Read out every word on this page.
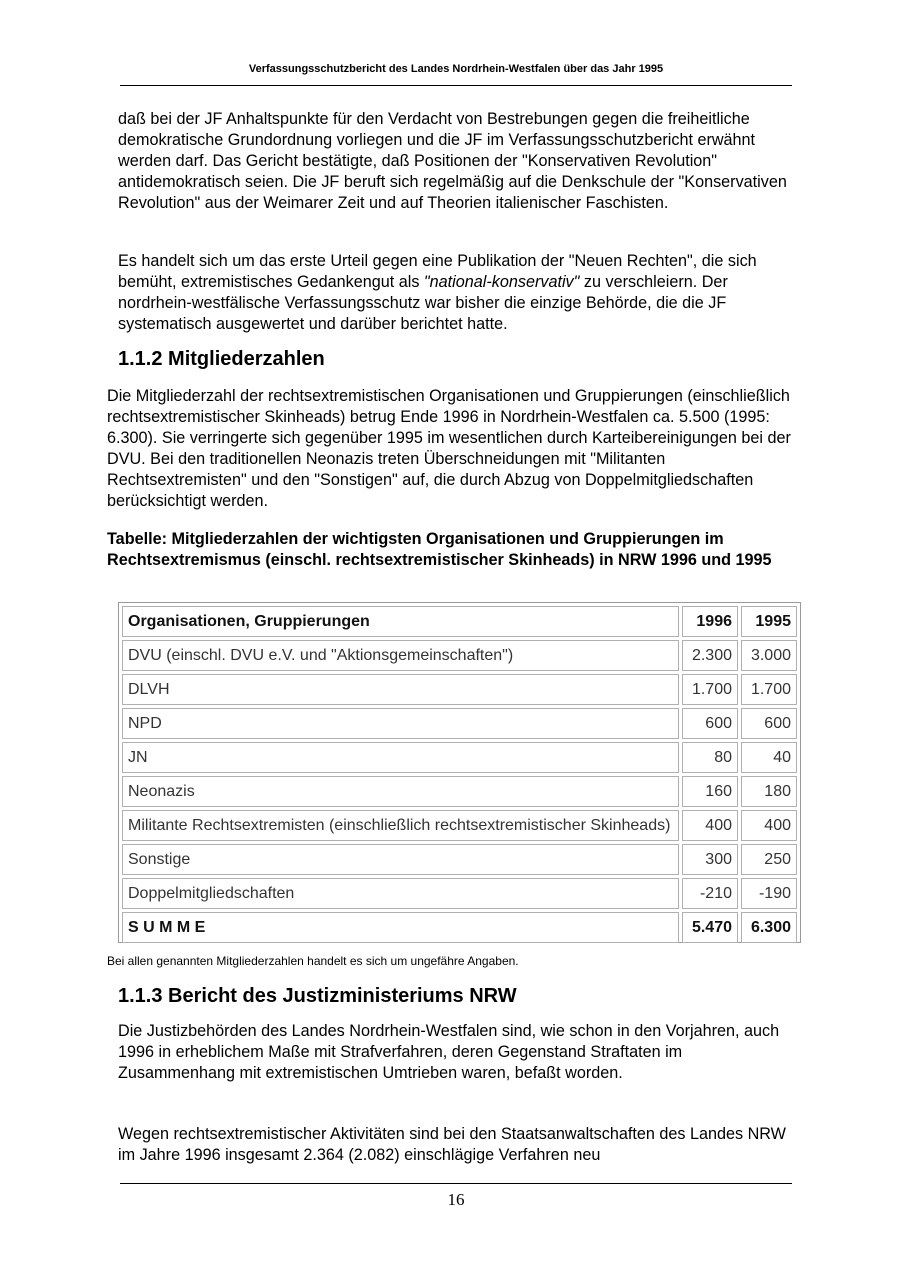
Verfassungsschutzbericht des Landes Nordrhein-Westfalen über das Jahr 1995

daß bei der JF Anhaltspunkte für den Verdacht von Bestrebungen gegen die freiheitliche demokratische Grundordnung vorliegen und die JF im Verfassungsschutzbericht erwähnt werden darf. Das Gericht bestätigte, daß Positionen der "Konservativen Revolution" antidemokratisch seien. Die JF beruft sich regelmäßig auf die Denkschule der "Konservativen Revolution" aus der Weimarer Zeit und auf Theorien italienischer Faschisten.

Es handelt sich um das erste Urteil gegen eine Publikation der "Neuen Rechten", die sich bemüht, extremistisches Gedankengut als "national-konservativ" zu verschleiern. Der nordrhein-westfälische Verfassungsschutz war bisher die einzige Behörde, die die JF systematisch ausgewertet und darüber berichtet hatte.

1.1.2 Mitgliederzahlen

Die Mitgliederzahl der rechtsextremistischen Organisationen und Gruppierungen (einschließlich rechtsextremistischer Skinheads) betrug Ende 1996 in Nordrhein-Westfalen ca. 5.500 (1995: 6.300). Sie verringerte sich gegenüber 1995 im wesentlichen durch Karteibereinigungen bei der DVU. Bei den traditionellen Neonazis treten Überschneidungen mit "Militanten Rechtsextremisten" und den "Sonstigen" auf, die durch Abzug von Doppelmitgliedschaften berücksichtigt werden.

Tabelle: Mitgliederzahlen der wichtigsten Organisationen und Gruppierungen im Rechtsextremismus (einschl. rechtsextremistischer Skinheads) in NRW 1996 und 1995

Organisationen, Gruppierungen	1996	1995
DVU (einschl. DVU e.V. und "Aktionsgemeinschaften")	2.300	3.000
DLVH	1.700	1.700
NPD	600	600
JN	80	40
Neonazis	160	180
Militante Rechtsextremisten (einschließlich rechtsextremistischer Skinheads)	400	400
Sonstige	300	250
Doppelmitgliedschaften	-210	-190
S U M M E	5.470	6.300

Bei allen genannten Mitgliederzahlen handelt es sich um ungefähre Angaben.

1.1.3 Bericht des Justizministeriums NRW

Die Justizbehörden des Landes Nordrhein-Westfalen sind, wie schon in den Vorjahren, auch 1996 in erheblichem Maße mit Strafverfahren, deren Gegenstand Straftaten im Zusammenhang mit extremistischen Umtrieben waren, befaßt worden.

Wegen rechtsextremistischer Aktivitäten sind bei den Staatsanwaltschaften des Landes NRW im Jahre 1996 insgesamt 2.364 (2.082) einschlägige Verfahren neu

16
